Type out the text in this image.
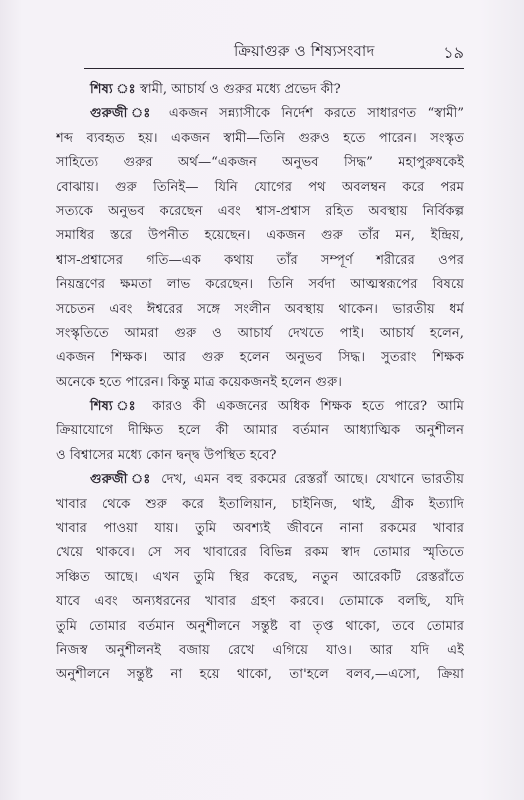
ক্রিয়াগুরু ও শিষ্যসংবাদ	১৯
শিষ্য ঃ স্বামী, আচার্য ও গুরুর মধ্যে প্রভেদ কী?
গুরুজী ঃ একজন সন্ন্যাসীকে নির্দেশ করতে সাধারণত “স্বামী”
শব্দ ব্যবহৃত হয়। একজন স্বামী—তিনি গুরুও হতে পারেন। সংস্কৃত
সাহিত্যে গুরুর অর্থ—“একজন অনুভব সিদ্ধ” মহাপুরুষকেই
বোঝায়। গুরু তিনিই— যিনি যোগের পথ অবলম্বন করে পরম
সত্যকে অনুভব করেছেন এবং শ্বাস-প্রশ্বাস রহিত অবস্থায় নির্বিকল্প
সমাধির স্তরে উপনীত হয়েছেন। একজন গুরু তাঁর মন, ইন্দ্রিয়,
শ্বাস-প্রশ্বাসের গতি—এক কথায় তাঁর সম্পূর্ণ শরীরের ওপর
নিয়ন্ত্রণের ক্ষমতা লাভ করেছেন। তিনি সর্বদা আত্মস্বরূপের বিষয়ে
সচেতন এবং ঈশ্বরের সঙ্গে সংলীন অবস্থায় থাকেন। ভারতীয় ধর্ম
সংস্কৃতিতে আমরা গুরু ও আচার্য দেখতে পাই। আচার্য হলেন,
একজন শিক্ষক। আর গুরু হলেন অনুভব সিদ্ধ। সুতরাং শিক্ষক
অনেকে হতে পারেন। কিন্তু মাত্র কয়েকজনই হলেন গুরু।
শিষ্য ঃ কারও কী একজনের অধিক শিক্ষক হতে পারে? আমি
ক্রিয়াযোগে দীক্ষিত হলে কী আমার বর্তমান আধ্যাত্মিক অনুশীলন
ও বিশ্বাসের মধ্যে কোন দ্বন্দ্ব উপস্থিত হবে?
গুরুজী ঃ দেখ, এমন বহু রকমের রেস্তরাঁ আছে। যেখানে ভারতীয়
খাবার থেকে শুরু করে ইতালিয়ান, চাইনিজ, থাই, গ্রীক ইত্যাদি
খাবার পাওয়া যায়। তুমি অবশ্যই জীবনে নানা রকমের খাবার
খেয়ে থাকবে। সে সব খাবারের বিভিন্ন রকম স্বাদ তোমার স্মৃতিতে
সঞ্চিত আছে। এখন তুমি স্থির করেছ, নতুন আরেকটি রেস্তরাঁতে
যাবে এবং অন্যধরনের খাবার গ্রহণ করবে। তোমাকে বলছি, যদি
তুমি তোমার বর্তমান অনুশীলনে সন্তুষ্ট বা তৃপ্ত থাকো, তবে তোমার
নিজস্ব অনুশীলনই বজায় রেখে এগিয়ে যাও। আর যদি এই
অনুশীলনে সন্তুষ্ট না হয়ে থাকো, তা'হলে বলব,—এসো, ক্রিয়া
